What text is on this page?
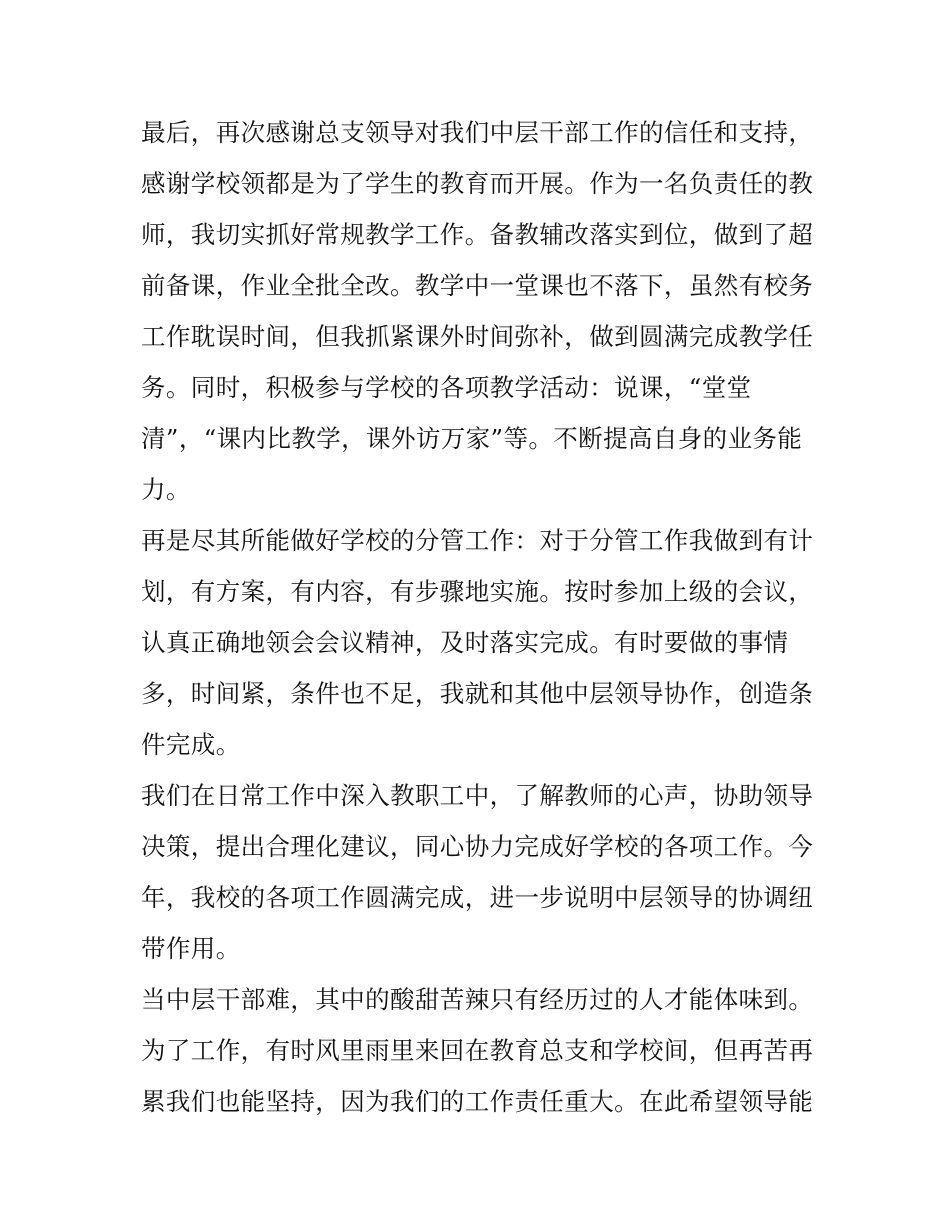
最后，再次感谢总支领导对我们中层干部工作的信任和支持，
感谢学校领都是为了学生的教育而开展。作为一名负责任的教
师，我切实抓好常规教学工作。备教辅改落实到位，做到了超
前备课，作业全批全改。教学中一堂课也不落下，虽然有校务
工作耽误时间，但我抓紧课外时间弥补，做到圆满完成教学任
务。同时，积极参与学校的各项教学活动：说课，“堂堂
清”，“课内比教学，课外访万家”等。不断提高自身的业务能
力。
再是尽其所能做好学校的分管工作：对于分管工作我做到有计
划，有方案，有内容，有步骤地实施。按时参加上级的会议，
认真正确地领会会议精神，及时落实完成。有时要做的事情
多，时间紧，条件也不足，我就和其他中层领导协作，创造条
件完成。
我们在日常工作中深入教职工中，了解教师的心声，协助领导
决策，提出合理化建议，同心协力完成好学校的各项工作。今
年，我校的各项工作圆满完成，进一步说明中层领导的协调纽
带作用。
当中层干部难，其中的酸甜苦辣只有经历过的人才能体味到。
为了工作，有时风里雨里来回在教育总支和学校间，但再苦再
累我们也能坚持，因为我们的工作责任重大。在此希望领导能
